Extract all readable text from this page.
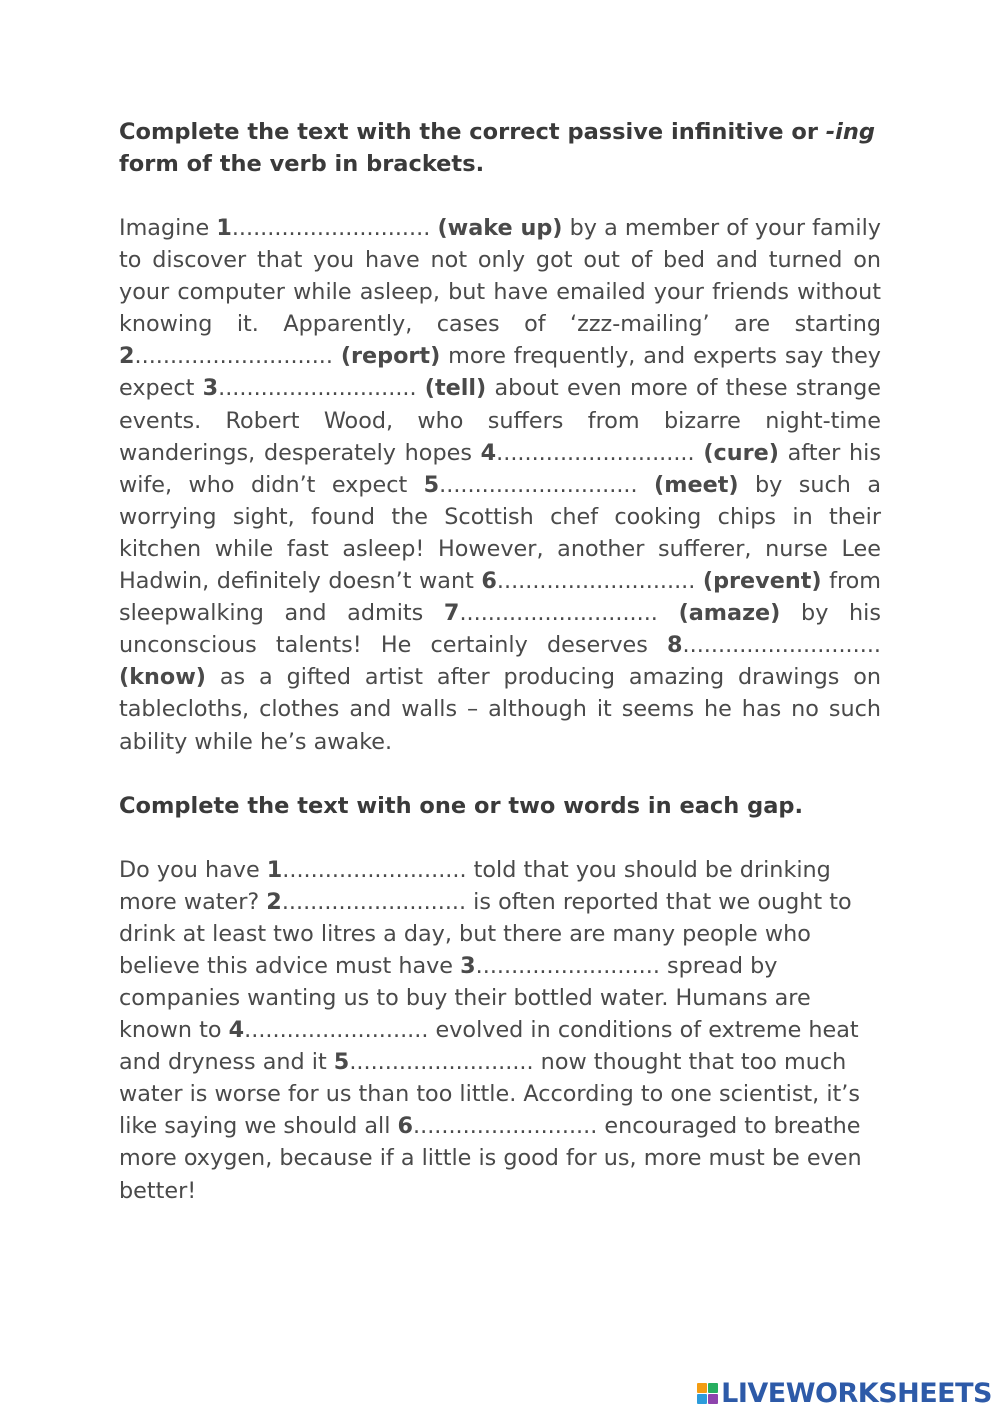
Complete the text with the correct passive infinitive or -ing form of the verb in brackets.

Imagine 1............................ (wake up) by a member of your family to discover that you have not only got out of bed and turned on your computer while asleep, but have emailed your friends without knowing it. Apparently, cases of ‘zzz-mailing’ are starting 2............................ (report) more frequently, and experts say they expect 3............................ (tell) about even more of these strange events. Robert Wood, who suffers from bizarre night-time wanderings, desperately hopes 4............................ (cure) after his wife, who didn’t expect 5............................ (meet) by such a worrying sight, found the Scottish chef cooking chips in their kitchen while fast asleep! However, another sufferer, nurse Lee Hadwin, definitely doesn’t want 6............................ (prevent) from sleepwalking and admits 7............................ (amaze) by his unconscious talents! He certainly deserves 8............................ (know) as a gifted artist after producing amazing drawings on tablecloths, clothes and walls – although it seems he has no such ability while he’s awake.

Complete the text with one or two words in each gap.

Do you have 1.......................... told that you should be drinking more water? 2.......................... is often reported that we ought to drink at least two litres a day, but there are many people who believe this advice must have 3.......................... spread by companies wanting us to buy their bottled water. Humans are known to 4.......................... evolved in conditions of extreme heat and dryness and it 5.......................... now thought that too much water is worse for us than too little. According to one scientist, it’s like saying we should all 6.......................... encouraged to breathe more oxygen, because if a little is good for us, more must be even better!

LIVEWORKSHEETS
